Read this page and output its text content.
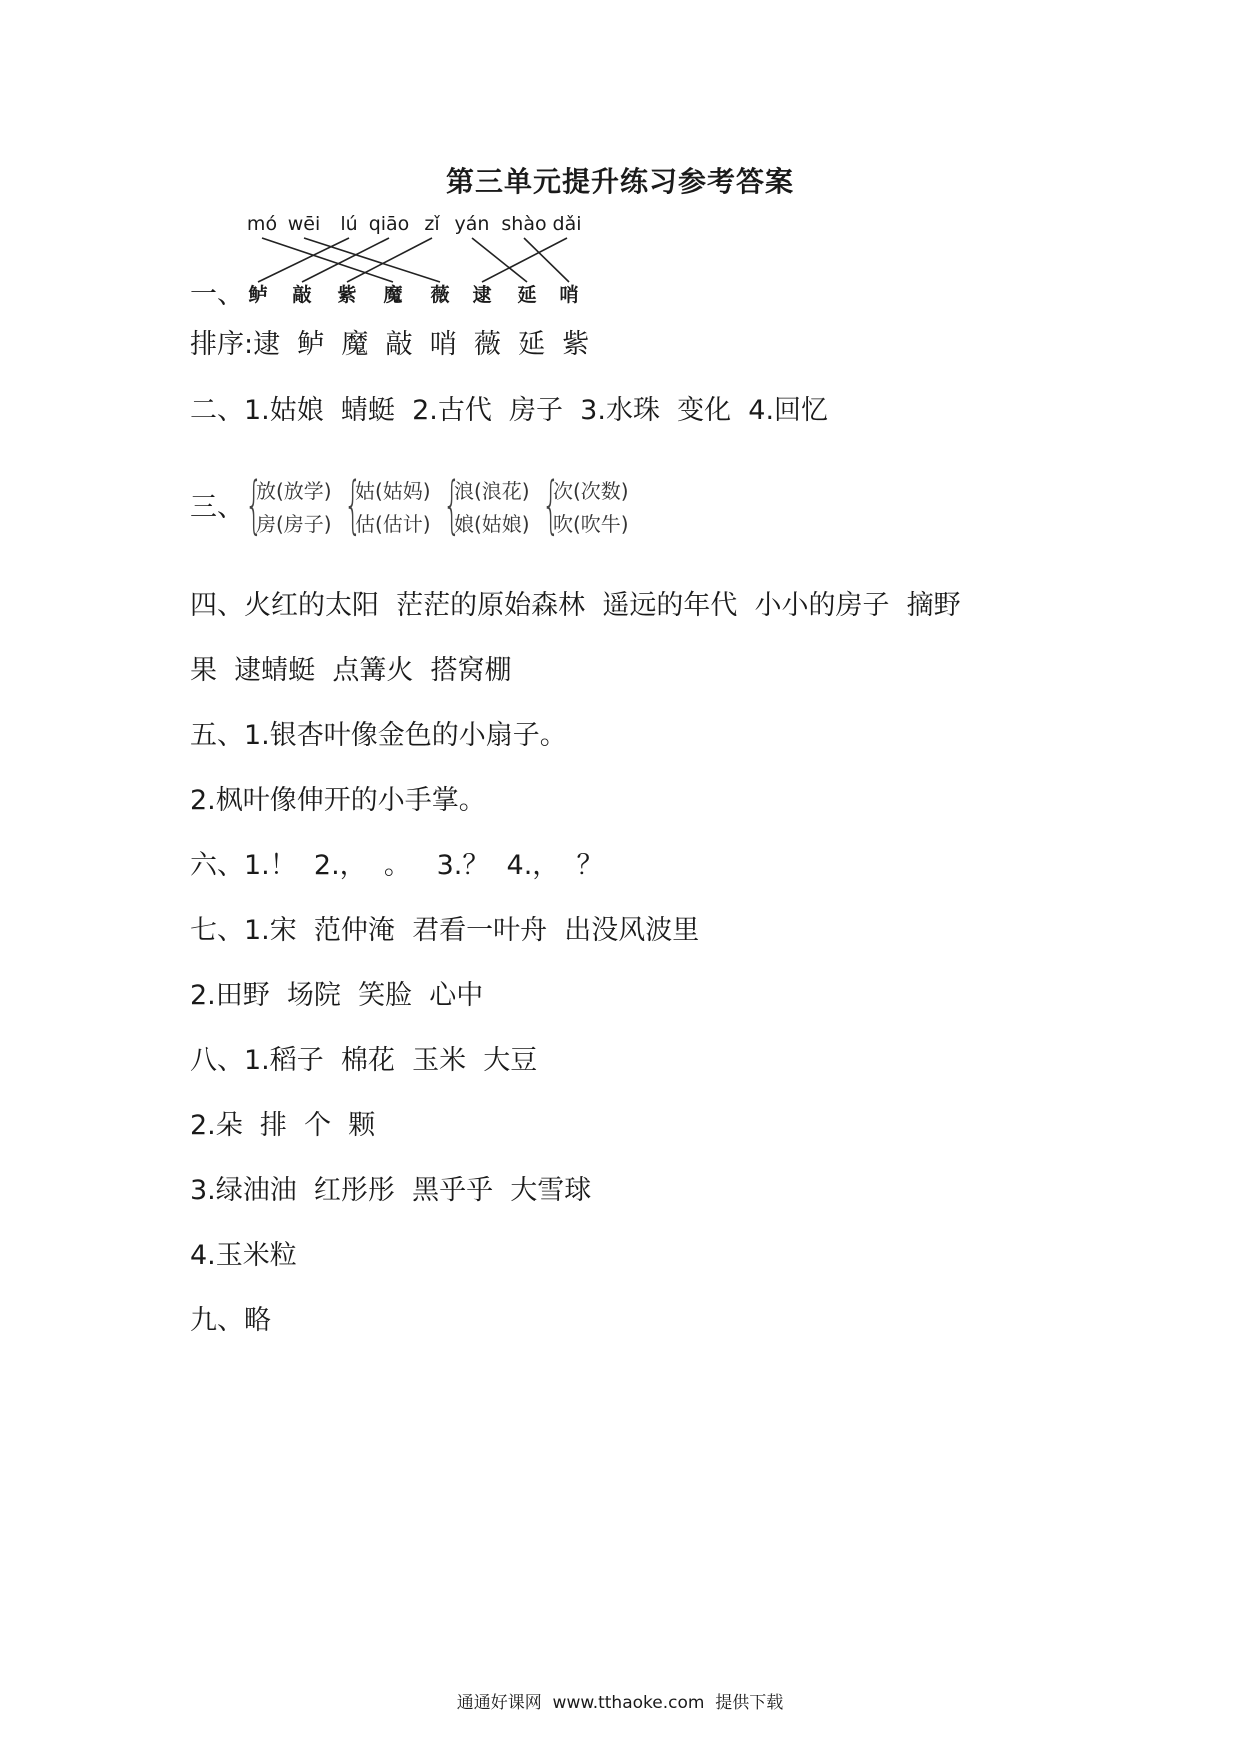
第三单元提升练习参考答案
mó wēi lú qiāo zǐ yán shào dǎi
一、 鲈 敲 紫 魔 薇 逮 延 哨
排序:逮  鲈  魔  敲  哨  薇  延  紫
二、1.姑娘  蜻蜓  2.古代  房子  3.水珠  变化  4.回忆
三、 {
放(放学)
房(房子) {
姑(姑妈)
估(估计) {
浪(浪花)
娘(姑娘) {
次(次数)
吹(吹牛)
四、火红的太阳  茫茫的原始森林  遥远的年代  小小的房子  摘野
果  逮蜻蜓  点篝火  搭窝棚
五、1.银杏叶像金色的小扇子。
2.枫叶像伸开的小手掌。
六、1.！  2.，  。   3.？  4.，  ？
七、1.宋  范仲淹  君看一叶舟  出没风波里
2.田野  场院  笑脸  心中
八、1.稻子  棉花  玉米  大豆
2.朵  排  个  颗
3.绿油油  红彤彤  黑乎乎  大雪球
4.玉米粒
九、略
通通好课网  www.tthaoke.com  提供下载
